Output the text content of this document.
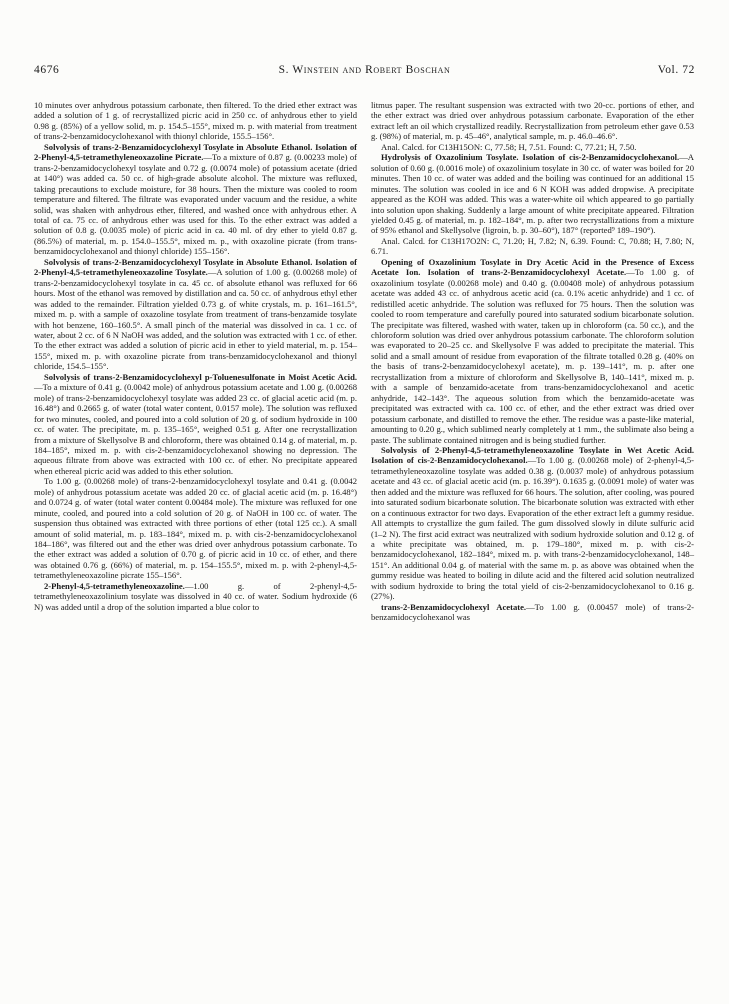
4676	S. Winstein and Robert Boschan	Vol. 72

10 minutes over anhydrous potassium carbonate, then filtered. To the dried ether extract was added a solution of 1 g. of recrystallized picric acid in 250 cc. of anhydrous ether to yield 0.98 g. (85%) of a yellow solid, m. p. 154.5–155°, mixed m. p. with material from treatment of trans-2-benzamidocyclohexanol with thionyl chloride, 155.5–156°.

Solvolysis of trans-2-Benzamidocyclohexyl Tosylate in Absolute Ethanol. Isolation of 2-Phenyl-4,5-tetramethyleneoxazoline Picrate.—To a mixture of 0.87 g. (0.00233 mole) of trans-2-benzamidocyclohexyl tosylate and 0.72 g. (0.0074 mole) of potassium acetate (dried at 140°) was added ca. 50 cc. of high-grade absolute alcohol. The mixture was refluxed, taking precautions to exclude moisture, for 38 hours. Then the mixture was cooled to room temperature and filtered. The filtrate was evaporated under vacuum and the residue, a white solid, was shaken with anhydrous ether, filtered, and washed once with anhydrous ether. A total of ca. 75 cc. of anhydrous ether was used for this. To the ether extract was added a solution of 0.8 g. (0.0035 mole) of picric acid in ca. 40 ml. of dry ether to yield 0.87 g. (86.5%) of material, m. p. 154.0–155.5°, mixed m. p., with oxazoline picrate (from trans-benzamidocyclohexanol and thionyl chloride) 155–156°.

Solvolysis of trans-2-Benzamidocyclohexyl Tosylate in Absolute Ethanol. Isolation of 2-Phenyl-4,5-tetramethyleneoxazoline Tosylate.—A solution of 1.00 g. (0.00268 mole) of trans-2-benzamidocyclohexyl tosylate in ca. 45 cc. of absolute ethanol was refluxed for 66 hours. Most of the ethanol was removed by distillation and ca. 50 cc. of anhydrous ethyl ether was added to the remainder. Filtration yielded 0.73 g. of white crystals, m. p. 161–161.5°, mixed m. p. with a sample of oxazoline tosylate from treatment of trans-benzamide tosylate with hot benzene, 160–160.5°. A small pinch of the material was dissolved in ca. 1 cc. of water, about 2 cc. of 6 N NaOH was added, and the solution was extracted with 1 cc. of ether. To the ether extract was added a solution of picric acid in ether to yield material, m. p. 154–155°, mixed m. p. with oxazoline picrate from trans-benzamidocyclohexanol and thionyl chloride, 154.5–155°.

Solvolysis of trans-2-Benzamidocyclohexyl p-Toluenesulfonate in Moist Acetic Acid.—To a mixture of 0.41 g. (0.0042 mole) of anhydrous potassium acetate and 1.00 g. (0.00268 mole) of trans-2-benzamidocyclohexyl tosylate was added 23 cc. of glacial acetic acid (m. p. 16.48°) and 0.2665 g. of water (total water content, 0.0157 mole). The solution was refluxed for two minutes, cooled, and poured into a cold solution of 20 g. of sodium hydroxide in 100 cc. of water. The precipitate, m. p. 135–165°, weighed 0.51 g. After one recrystallization from a mixture of Skellysolve B and chloroform, there was obtained 0.14 g. of material, m. p. 184–185°, mixed m. p. with cis-2-benzamidocyclohexanol showing no depression. The aqueous filtrate from above was extracted with 100 cc. of ether. No precipitate appeared when ethereal picric acid was added to this ether solution.

To 1.00 g. (0.00268 mole) of trans-2-benzamidocyclohexyl tosylate and 0.41 g. (0.0042 mole) of anhydrous potassium acetate was added 20 cc. of glacial acetic acid (m. p. 16.48°) and 0.0724 g. of water (total water content 0.00484 mole). The mixture was refluxed for one minute, cooled, and poured into a cold solution of 20 g. of NaOH in 100 cc. of water. The suspension thus obtained was extracted with three portions of ether (total 125 cc.). A small amount of solid material, m. p. 183–184°, mixed m. p. with cis-2-benzamidocyclohexanol 184–186°, was filtered out and the ether was dried over anhydrous potassium carbonate. To the ether extract was added a solution of 0.70 g. of picric acid in 10 cc. of ether, and there was obtained 0.76 g. (66%) of material, m. p. 154–155.5°, mixed m. p. with 2-phenyl-4,5-tetramethyleneoxazoline picrate 155–156°.

2-Phenyl-4,5-tetramethyleneoxazoline.—1.00 g. of 2-phenyl-4,5-tetramethyleneoxazolinium tosylate was dissolved in 40 cc. of water. Sodium hydroxide (6 N) was added until a drop of the solution imparted a blue color to

litmus paper. The resultant suspension was extracted with two 20-cc. portions of ether, and the ether extract was dried over anhydrous potassium carbonate. Evaporation of the ether extract left an oil which crystallized readily. Recrystallization from petroleum ether gave 0.53 g. (98%) of material, m. p. 45–46°, analytical sample, m. p. 46.0–46.6°.

Anal. Calcd. for C13H15ON: C, 77.58; H, 7.51. Found: C, 77.21; H, 7.50.

Hydrolysis of Oxazolinium Tosylate. Isolation of cis-2-Benzamidocyclohexanol.—A solution of 0.60 g. (0.0016 mole) of oxazolinium tosylate in 30 cc. of water was boiled for 20 minutes. Then 10 cc. of water was added and the boiling was continued for an additional 15 minutes. The solution was cooled in ice and 6 N KOH was added dropwise. A precipitate appeared as the KOH was added. This was a water-white oil which appeared to go partially into solution upon shaking. Suddenly a large amount of white precipitate appeared. Filtration yielded 0.45 g. of material, m. p. 182–184°, m. p. after two recrystallizations from a mixture of 95% ethanol and Skellysolve (ligroin, b. p. 30–60°), 187° (reported⁹ 189–190°).

Anal. Calcd. for C13H17O2N: C, 71.20; H, 7.82; N, 6.39. Found: C, 70.88; H, 7.80; N, 6.71.

Opening of Oxazolinium Tosylate in Dry Acetic Acid in the Presence of Excess Acetate Ion. Isolation of trans-2-Benzamidocyclohexyl Acetate.—To 1.00 g. of oxazolinium tosylate (0.00268 mole) and 0.40 g. (0.00408 mole) of anhydrous potassium acetate was added 43 cc. of anhydrous acetic acid (ca. 0.1% acetic anhydride) and 1 cc. of redistilled acetic anhydride. The solution was refluxed for 75 hours. Then the solution was cooled to room temperature and carefully poured into saturated sodium bicarbonate solution. The precipitate was filtered, washed with water, taken up in chloroform (ca. 50 cc.), and the chloroform solution was dried over anhydrous potassium carbonate. The chloroform solution was evaporated to 20–25 cc. and Skellysolve F was added to precipitate the material. This solid and a small amount of residue from evaporation of the filtrate totalled 0.28 g. (40% on the basis of trans-2-benzamidocyclohexyl acetate), m. p. 139–141°, m. p. after one recrystallization from a mixture of chloroform and Skellysolve B, 140–141°, mixed m. p. with a sample of benzamido-acetate from trans-benzamidocyclohexanol and acetic anhydride, 142–143°. The aqueous solution from which the benzamido-acetate was precipitated was extracted with ca. 100 cc. of ether, and the ether extract was dried over potassium carbonate, and distilled to remove the ether. The residue was a paste-like material, amounting to 0.20 g., which sublimed nearly completely at 1 mm., the sublimate also being a paste. The sublimate contained nitrogen and is being studied further.

Solvolysis of 2-Phenyl-4,5-tetramethyleneoxazoline Tosylate in Wet Acetic Acid. Isolation of cis-2-Benzamidocyclohexanol.—To 1.00 g. (0.00268 mole) of 2-phenyl-4,5-tetramethyleneoxazoline tosylate was added 0.38 g. (0.0037 mole) of anhydrous potassium acetate and 43 cc. of glacial acetic acid (m. p. 16.39°). 0.1635 g. (0.0091 mole) of water was then added and the mixture was refluxed for 66 hours. The solution, after cooling, was poured into saturated sodium bicarbonate solution. The bicarbonate solution was extracted with ether on a continuous extractor for two days. Evaporation of the ether extract left a gummy residue. All attempts to crystallize the gum failed. The gum dissolved slowly in dilute sulfuric acid (1–2 N). The first acid extract was neutralized with sodium hydroxide solution and 0.12 g. of a white precipitate was obtained, m. p. 179–180°, mixed m. p. with cis-2-benzamidocyclohexanol, 182–184°, mixed m. p. with trans-2-benzamidocyclohexanol, 148–151°. An additional 0.04 g. of material with the same m. p. as above was obtained when the gummy residue was heated to boiling in dilute acid and the filtered acid solution neutralized with sodium hydroxide to bring the total yield of cis-2-benzamidocyclohexanol to 0.16 g. (27%).

trans-2-Benzamidocyclohexyl Acetate.—To 1.00 g. (0.00457 mole) of trans-2-benzamidocyclohexanol was
